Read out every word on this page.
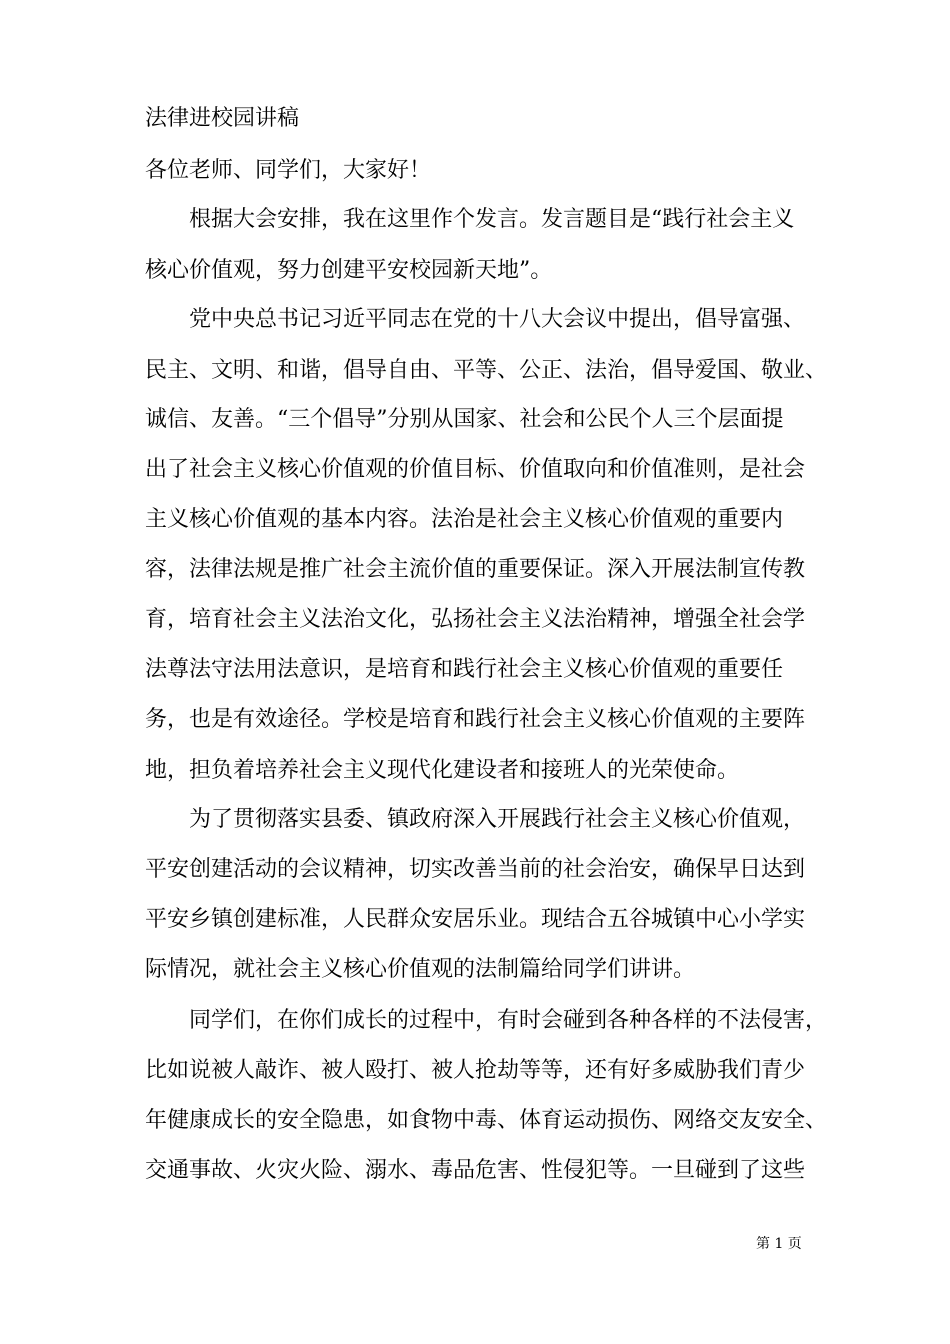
法律进校园讲稿
各位老师、同学们，大家好！
根据大会安排，我在这里作个发言。发言题目是“践行社会主义
核心价值观，努力创建平安校园新天地”。
党中央总书记习近平同志在党的十八大会议中提出，倡导富强、
民主、文明、和谐，倡导自由、平等、公正、法治，倡导爱国、敬业、
诚信、友善。“三个倡导”分别从国家、社会和公民个人三个层面提
出了社会主义核心价值观的价值目标、价值取向和价值准则，是社会
主义核心价值观的基本内容。法治是社会主义核心价值观的重要内
容，法律法规是推广社会主流价值的重要保证。深入开展法制宣传教
育，培育社会主义法治文化，弘扬社会主义法治精神，增强全社会学
法尊法守法用法意识，是培育和践行社会主义核心价值观的重要任
务，也是有效途径。学校是培育和践行社会主义核心价值观的主要阵
地，担负着培养社会主义现代化建设者和接班人的光荣使命。
为了贯彻落实县委、镇政府深入开展践行社会主义核心价值观，
平安创建活动的会议精神，切实改善当前的社会治安，确保早日达到
平安乡镇创建标准，人民群众安居乐业。现结合五谷城镇中心小学实
际情况，就社会主义核心价值观的法制篇给同学们讲讲。
同学们，在你们成长的过程中，有时会碰到各种各样的不法侵害，
比如说被人敲诈、被人殴打、被人抢劫等等，还有好多威胁我们青少
年健康成长的安全隐患，如食物中毒、体育运动损伤、网络交友安全、
交通事故、火灾火险、溺水、毒品危害、性侵犯等。一旦碰到了这些
第 1 页
